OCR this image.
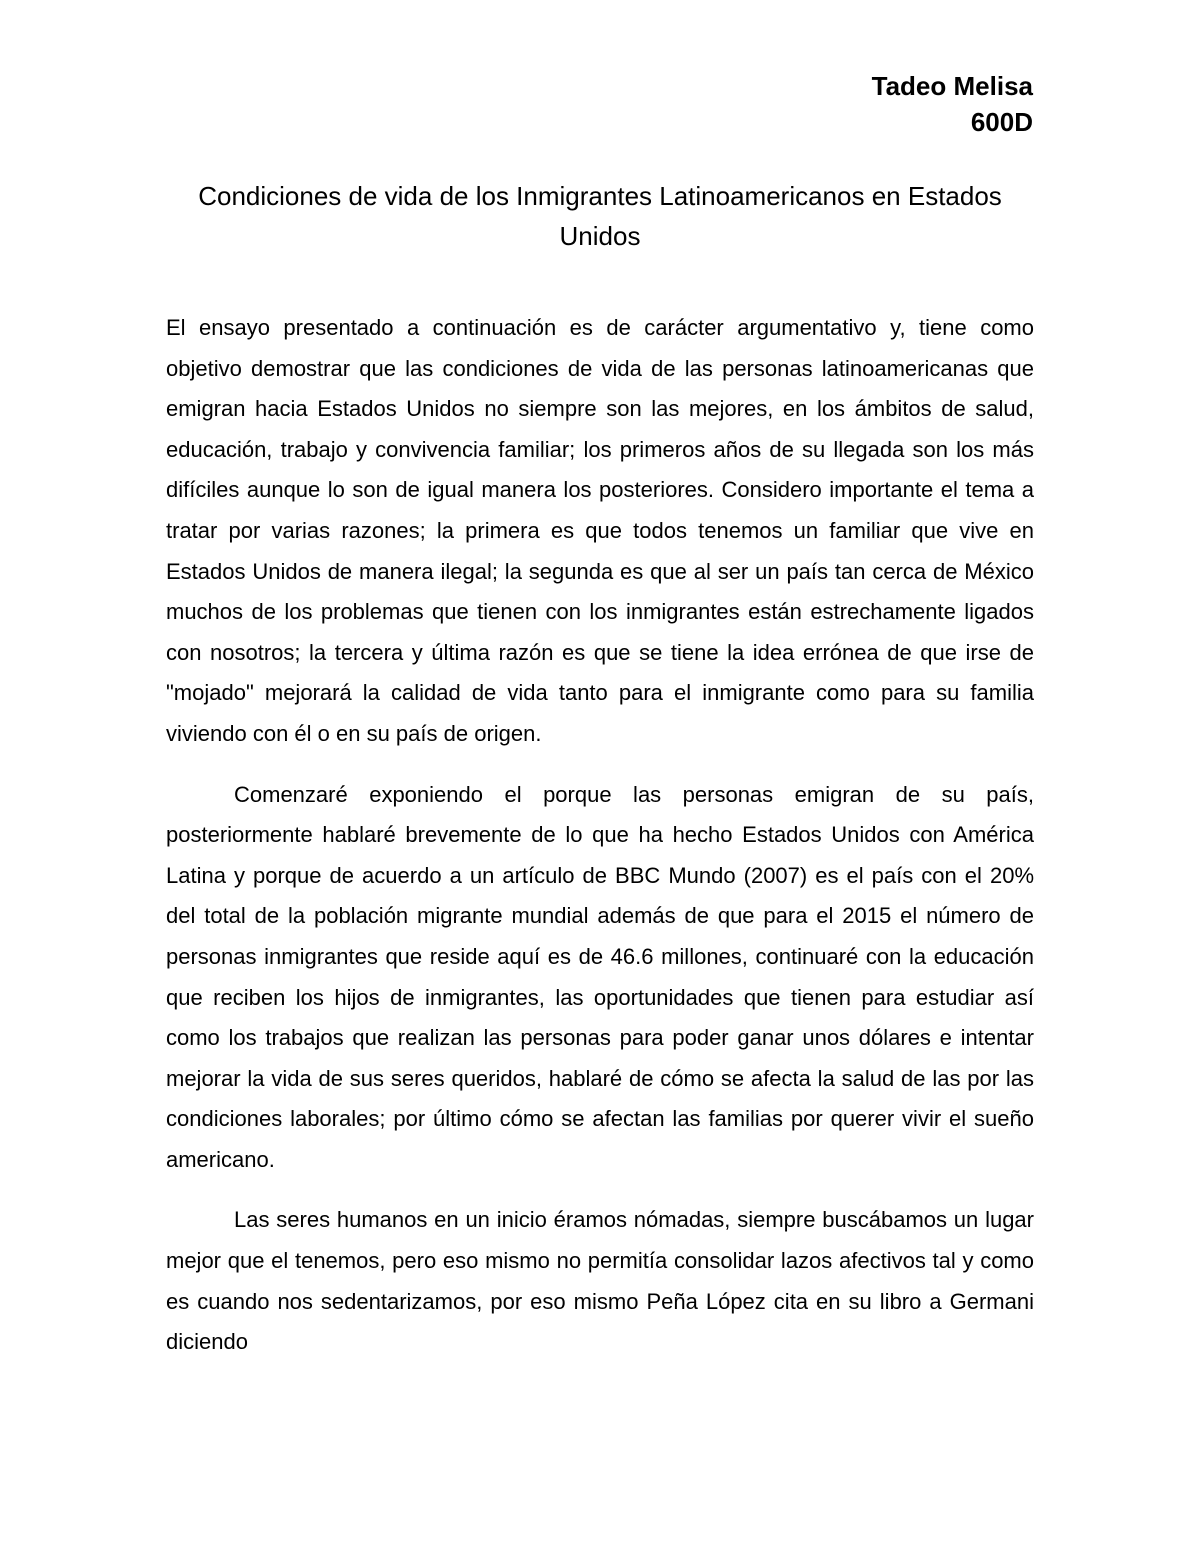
Tadeo Melisa
600D
Condiciones de vida de los Inmigrantes Latinoamericanos en Estados Unidos

El ensayo presentado a continuación es de carácter argumentativo y, tiene como objetivo demostrar que las condiciones de vida de las personas latinoamericanas que emigran hacia Estados Unidos no siempre son las mejores, en los ámbitos de salud, educación, trabajo y convivencia familiar; los primeros años de su llegada son los más difíciles aunque lo son de igual manera los posteriores. Considero importante el tema a tratar por varias razones; la primera es que todos tenemos un familiar que vive en Estados Unidos de manera ilegal; la segunda es que al ser un país tan cerca de México muchos de los problemas que tienen con los inmigrantes están estrechamente ligados con nosotros; la tercera y última razón es que se tiene la idea errónea de que irse de "mojado" mejorará la calidad de vida tanto para el inmigrante como para su familia viviendo con él o en su país de origen.

Comenzaré exponiendo el porque las personas emigran de su país, posteriormente hablaré brevemente de lo que ha hecho Estados Unidos con América Latina y porque de acuerdo a un artículo de BBC Mundo (2007) es el país con el 20% del total de la población migrante mundial además de que para el 2015 el número de personas inmigrantes que reside aquí es de 46.6 millones, continuaré con la educación que reciben los hijos de inmigrantes, las oportunidades que tienen para estudiar así como los trabajos que realizan las personas para poder ganar unos dólares e intentar mejorar la vida de sus seres queridos, hablaré de cómo se afecta la salud de las por las condiciones laborales; por último cómo se afectan las familias por querer vivir el sueño americano.

Las seres humanos en un inicio éramos nómadas, siempre buscábamos un lugar mejor que el tenemos, pero eso mismo no permitía consolidar lazos afectivos tal y como es cuando nos sedentarizamos, por eso mismo Peña López cita en su libro a Germani diciendo
